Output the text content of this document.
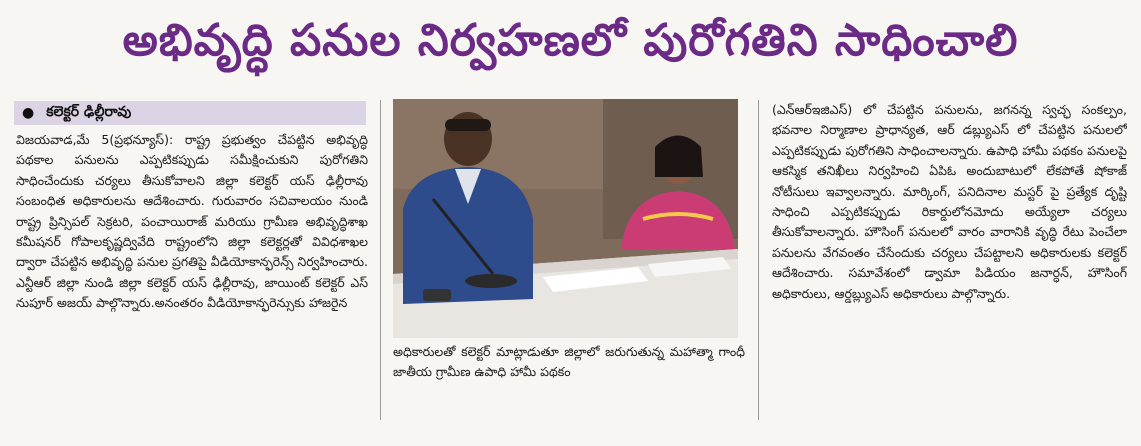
అభివృద్ధి పనుల నిర్వహణలో పురోగతిని సాధించాలి
● కలెక్టర్ ఢిల్లీరావు

విజయవాడ,మే 5(ప్రభన్యూస్): రాష్ట్ర ప్రభుత్వం చేపట్టిన అభివృద్ధి పథకాల పనులను ఎప్పటికప్పుడు సమీక్షించుకుని పురోగతిని సాధించేందుకు చర్యలు తీసుకోవాలని జిల్లా కలెక్టర్ యస్ ఢిల్లీరావు సంబంధిత అధికారులను ఆదేశించారు. గురువారం సచివాలయం నుండి రాష్ట్ర ప్రిన్సిపల్ సెక్రటరి, పంచాయిరాజ్ మరియు గ్రామీణ అభివృద్ధిశాఖ కమీషనర్ గోపాలకృష్ణద్వివేది రాష్ట్రంలోని జిల్లా కలెక్టర్లతో వివిధశాఖల ద్వారా చేపట్టిన అభివృద్ధి పనుల ప్రగతిపై వీడియోకాన్ఫరెన్స్ నిర్వహించారు. ఎన్టీఆర్ జిల్లా నుండి జిల్లా కలెక్టర్ యస్ ఢిల్లీరావు, జాయింట్ కలెక్టర్ ఎస్ నుపూర్ అజయ్ పాల్గొన్నారు.అనంతరం వీడియోకాన్ఫరెన్సుకు హాజరైన

అధికారులతో కలెక్టర్ మాట్లాడుతూ జిల్లాలో జరుగుతున్న మహాత్మా గాంధీ జాతీయ గ్రామీణ ఉపాధి హామీ పథకం

(ఎన్ఆర్ఇజిఎస్) లో చేపట్టిన పనులను, జగనన్న స్వచ్ఛ సంకల్పం, భవనాల నిర్మాణాల ప్రాధాన్యత, ఆర్ డబ్ల్యుఎస్ లో చేపట్టిన పనులలో ఎప్పటికప్పుడు పురోగతిని సాధించాలన్నారు. ఉపాధి హామీ పథకం పనులపై ఆకస్మిక తనిఖీలు నిర్వహించి ఏపిఓ అందుబాటులో లేకపోతే షోకాజ్ నోటీసులు ఇవ్వాలన్నారు. మార్కింగ్, పనిదినాల మస్టర్ పై ప్రత్యేక దృష్టి సాధించి ఎప్పటికప్పుడు రికార్డులోనమోదు అయ్యేలా చర్యలు తీసుకోవాలన్నారు. హౌసింగ్ పనులలో వారం వారానికి వృద్ధి రేటు పెంచేలా పనులను వేగవంతం చేసేందుకు చర్యలు చేపట్టాలని అధికారులకు కలెక్టర్ ఆదేశించారు. సమావేశంలో డ్వామా పిడియం జనార్ధన్, హౌసింగ్ అధికారులు, ఆర్డబ్ల్యుఎస్ అధికారులు పాల్గొన్నారు.
